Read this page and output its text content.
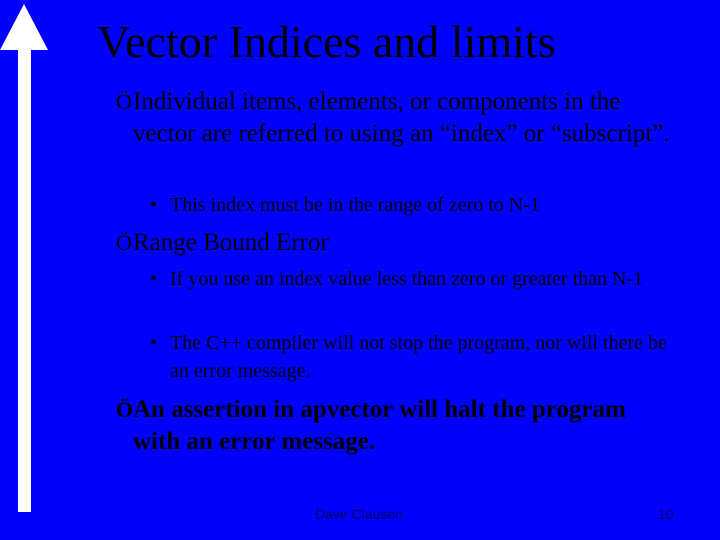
Vector Indices and limits
Ö Individual items, elements, or components in the vector are referred to using an “index” or “subscript”.
• This index must be in the range of zero to N-1
Ö Range Bound Error
• If you use an index value less than zero or greater than N-1
• The C++ compiler will not stop the program, nor will there be an error message.
Ö An assertion in apvector will halt the program with an error message.
Dave Clausen	10
